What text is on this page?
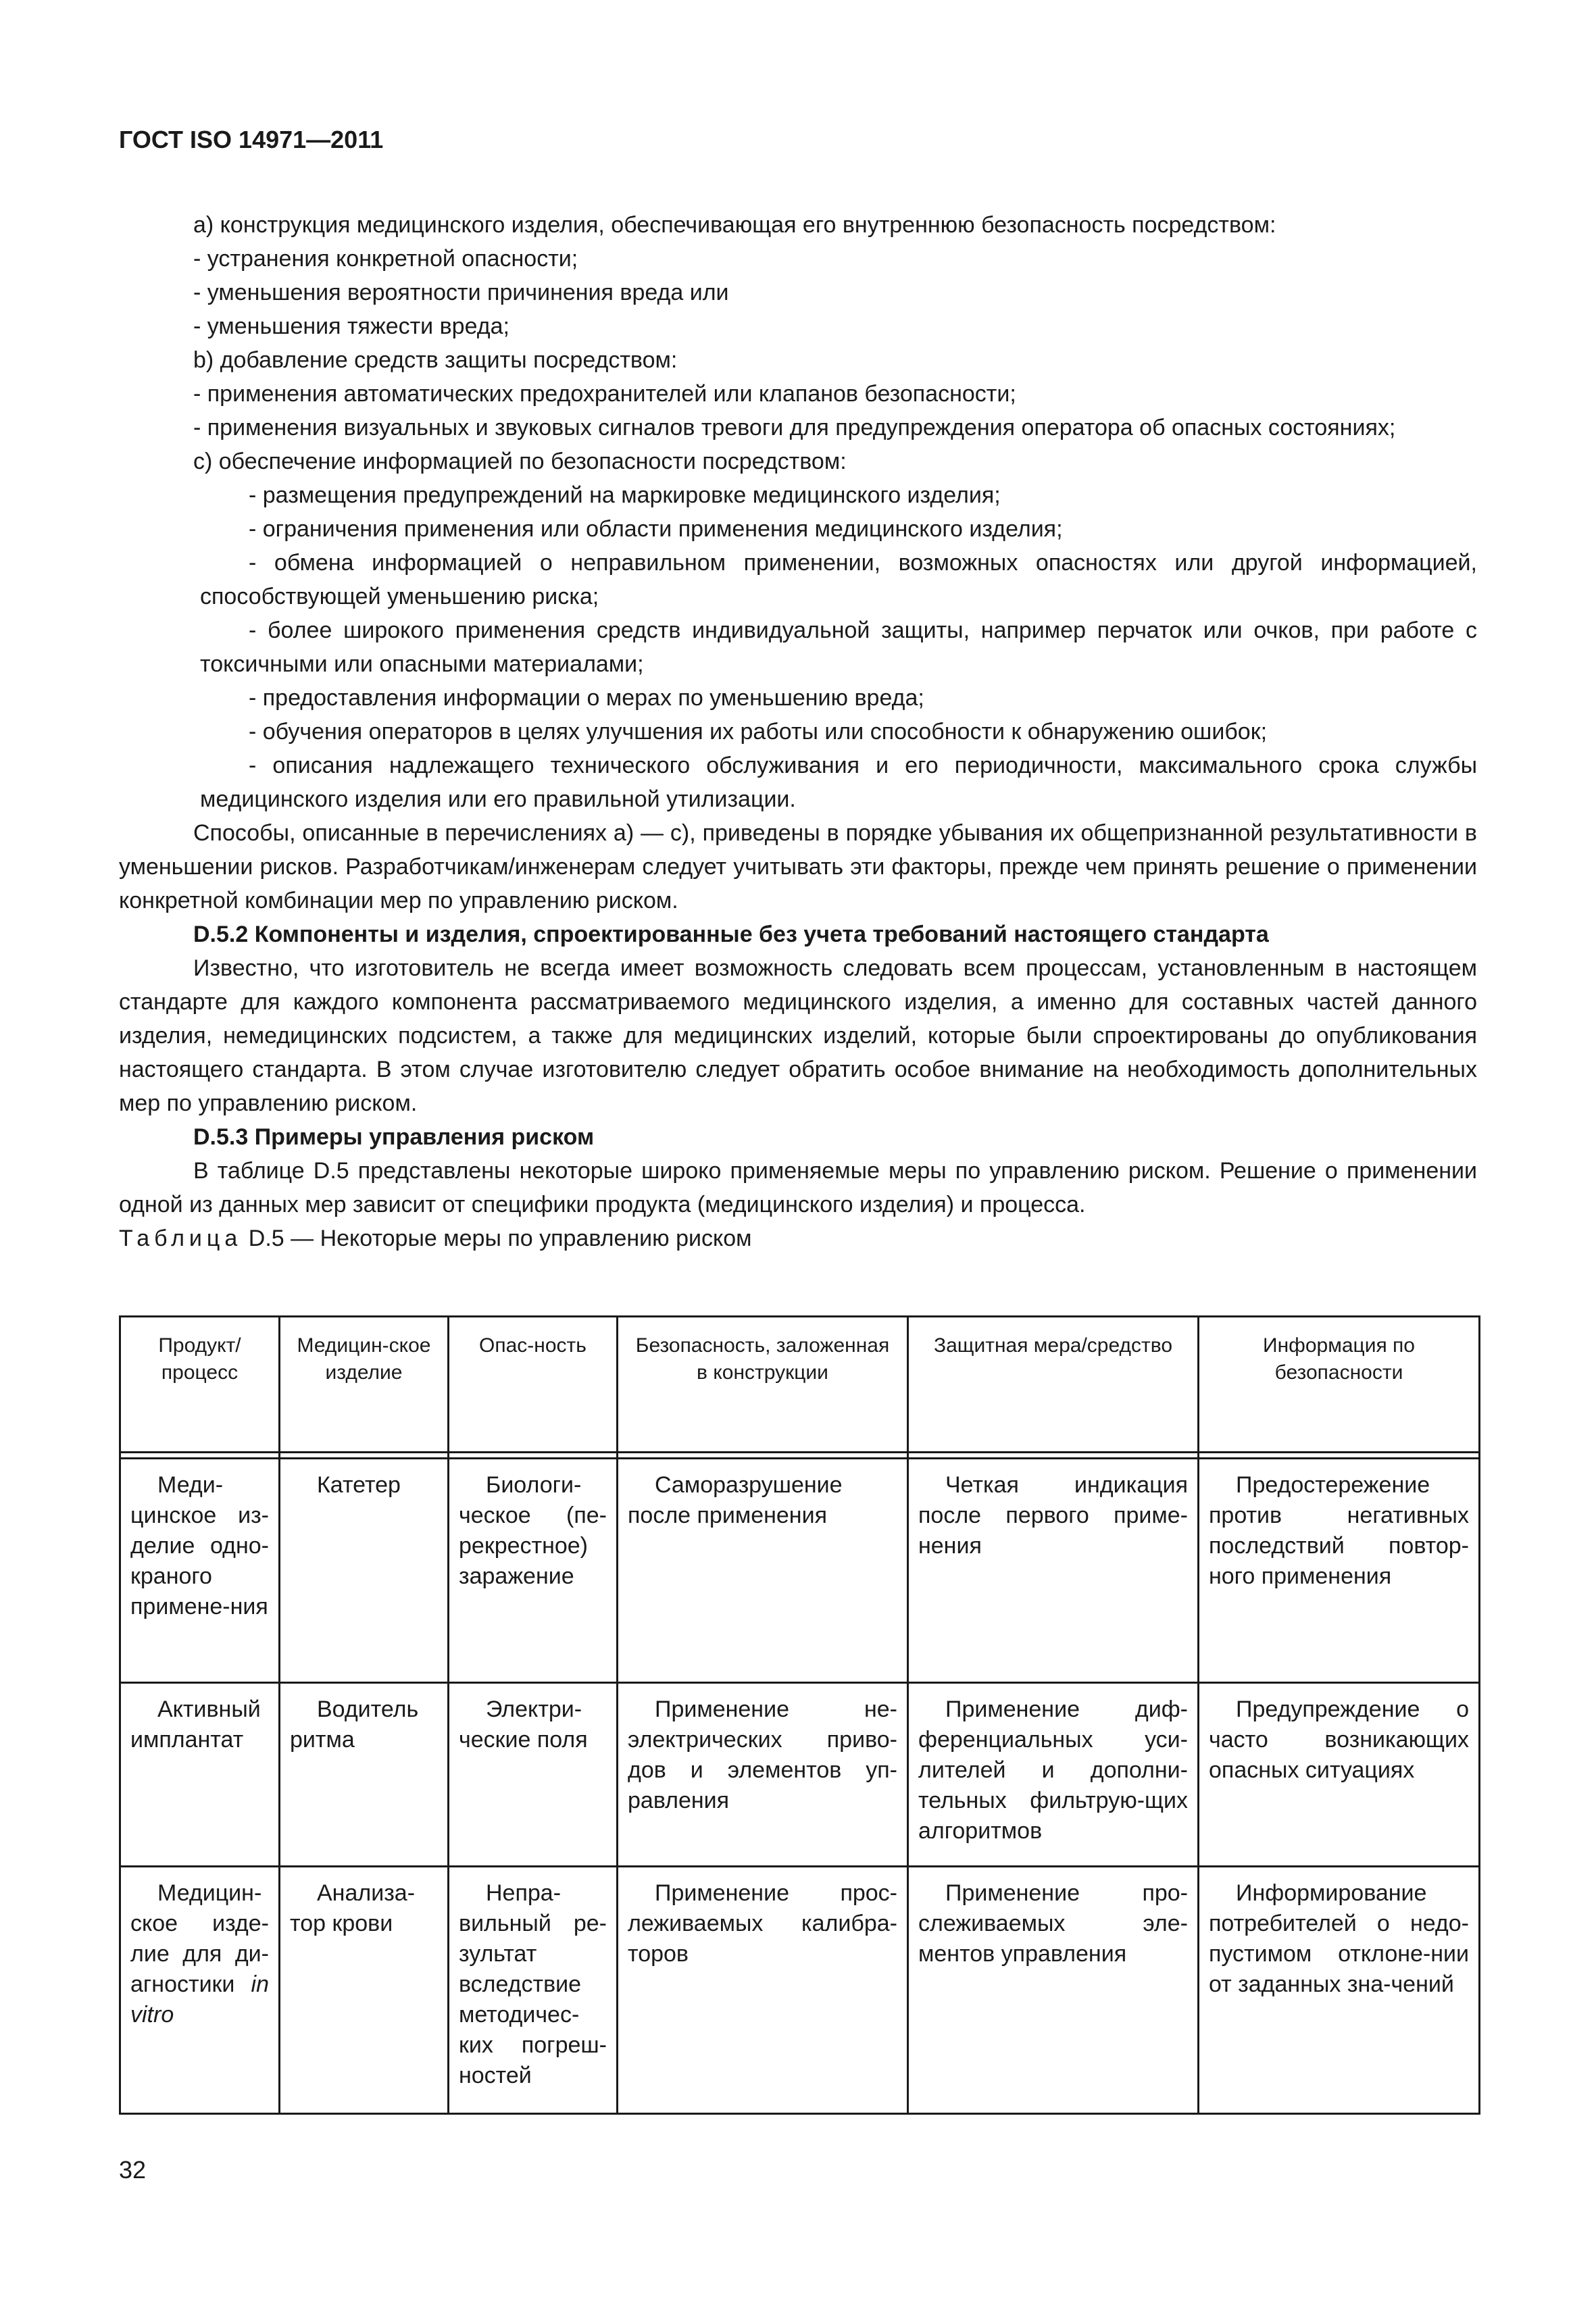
ГОСТ ISO 14971—2011

а) конструкция медицинского изделия, обеспечивающая его внутреннюю безопасность посредством:

- устранения конкретной опасности;

- уменьшения вероятности причинения вреда или

- уменьшения тяжести вреда;

b) добавление средств защиты посредством:

- применения автоматических предохранителей или клапанов безопасности;

- применения визуальных и звуковых сигналов тревоги для предупреждения оператора об опасных состояниях;

с) обеспечение информацией по безопасности посредством:

- размещения предупреждений на маркировке медицинского изделия;

- ограничения применения или области применения медицинского изделия;

- обмена информацией о неправильном применении, возможных опасностях или другой информацией, способствующей уменьшению риска;

- более широкого применения средств индивидуальной защиты, например перчаток или очков, при работе с токсичными или опасными материалами;

- предоставления информации о мерах по уменьшению вреда;

- обучения операторов в целях улучшения их работы или способности к обнаружению ошибок;

- описания надлежащего технического обслуживания и его периодичности, максимального срока службы медицинского изделия или его правильной утилизации.

Способы, описанные в перечислениях а) — с), приведены в порядке убывания их общепризнанной результативности в уменьшении рисков. Разработчикам/инженерам следует учитывать эти факторы, прежде чем принять решение о применении конкретной комбинации мер по управлению риском.

D.5.2 Компоненты и изделия, спроектированные без учета требований настоящего стандарта

Известно, что изготовитель не всегда имеет возможность следовать всем процессам, установленным в настоящем стандарте для каждого компонента рассматриваемого медицинского изделия, а именно для составных частей данного изделия, немедицинских подсистем, а также для медицинских изделий, которые были спроектированы до опубликования настоящего стандарта. В этом случае изготовителю следует обратить особое внимание на необходимость дополнительных мер по управлению риском.

D.5.3 Примеры управления риском

В таблице D.5 представлены некоторые широко применяемые меры по управлению риском. Решение о применении одной из данных мер зависит от специфики продукта (медицинского изделия) и процесса.

Таблица D.5 — Некоторые меры по управлению риском

Продукт/ процесс	Медицин-ское изделие	Опас-ность	Безопасность, заложенная в конструкции	Защитная мера/средство	Информация по безопасности

Меди-цинское из-делие одно-краного примене-ния	Катетер	Биологи-ческое (пе-рекрестное) заражение	Саморазрушение после применения	Четкая индикация после первого приме-нения	Предостережение против негативных последствий повтор-ного применения
Активный имплантат	Водитель ритма	Электри-ческие поля	Применение не-электрических приво-дов и элементов уп-равления	Применение диф-ференциальных уси-лителей и дополни-тельных фильтрую-щих алгоритмов	Предупреждение о часто возникающих опасных ситуациях
Медицин-ское изде-лие для ди-агностики in vitro	Анализа-тор крови	Непра-вильный ре-зультат вследствие методичес-ких погреш-ностей	Применение прос-леживаемых калибра-торов	Применение про-слеживаемых эле-ментов управления	Информирование потребителей о недо-пустимом отклоне-нии от заданных зна-чений
32
